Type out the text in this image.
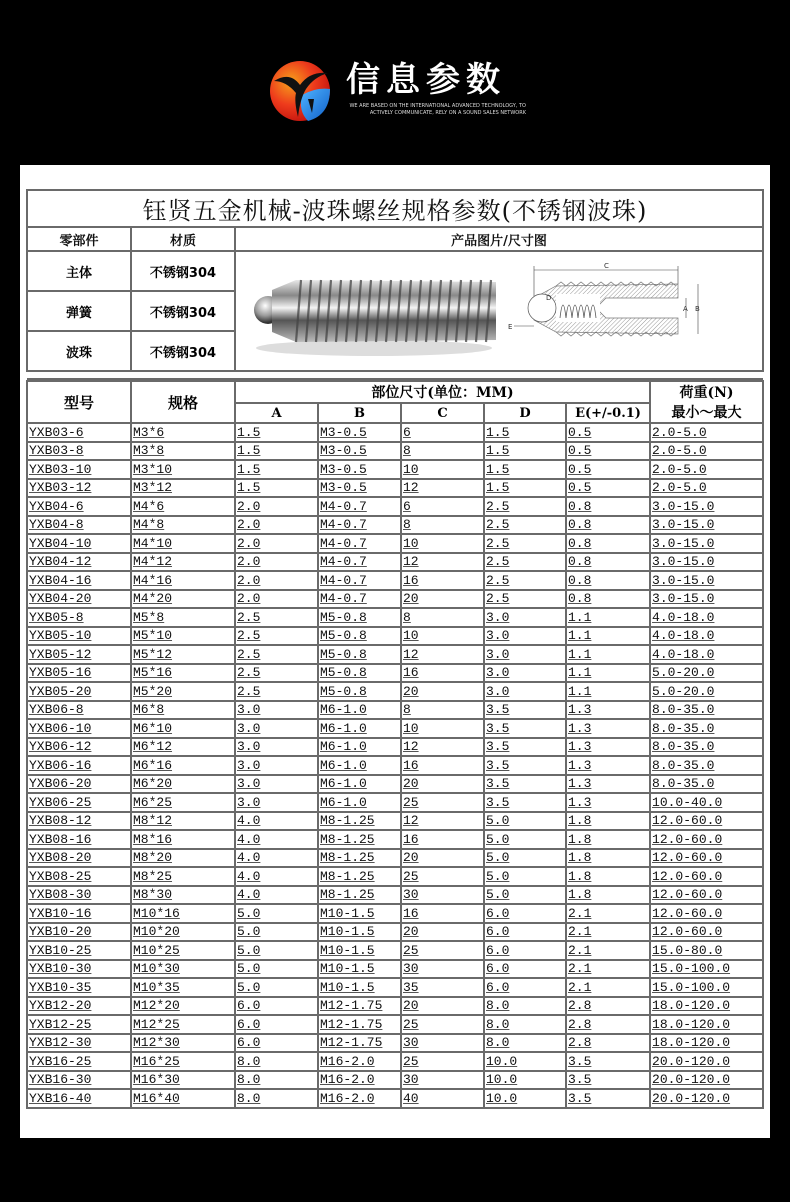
信息参数
WE ARE BASED ON THE INTERNATIONAL ADVANCED TECHNOLOGY, TO ACTIVELY COMMUNICATE, RELY ON A SOUND SALES NETWORK
钰贤五金机械-波珠螺丝规格参数(不锈钢波珠)		
零部件	材质	产品图片/尺寸图
主体	不锈钢304	C
D
A B
E

弹簧	不锈钢304	
波珠	不锈钢304	

型号	规格	部位尺寸(单位：MM)					荷重(N)
最小～最大

		A	B	C	D	E(+/-0.1)	
YXB03-6	M3*6	1.5	M3-0.5	6	1.5	0.5	2.0-5.0
YXB03-8	M3*8	1.5	M3-0.5	8	1.5	0.5	2.0-5.0
YXB03-10	M3*10	1.5	M3-0.5	10	1.5	0.5	2.0-5.0
YXB03-12	M3*12	1.5	M3-0.5	12	1.5	0.5	2.0-5.0
YXB04-6	M4*6	2.0	M4-0.7	6	2.5	0.8	3.0-15.0
YXB04-8	M4*8	2.0	M4-0.7	8	2.5	0.8	3.0-15.0
YXB04-10	M4*10	2.0	M4-0.7	10	2.5	0.8	3.0-15.0
YXB04-12	M4*12	2.0	M4-0.7	12	2.5	0.8	3.0-15.0
YXB04-16	M4*16	2.0	M4-0.7	16	2.5	0.8	3.0-15.0
YXB04-20	M4*20	2.0	M4-0.7	20	2.5	0.8	3.0-15.0
YXB05-8	M5*8	2.5	M5-0.8	8	3.0	1.1	4.0-18.0
YXB05-10	M5*10	2.5	M5-0.8	10	3.0	1.1	4.0-18.0
YXB05-12	M5*12	2.5	M5-0.8	12	3.0	1.1	4.0-18.0
YXB05-16	M5*16	2.5	M5-0.8	16	3.0	1.1	5.0-20.0
YXB05-20	M5*20	2.5	M5-0.8	20	3.0	1.1	5.0-20.0
YXB06-8	M6*8	3.0	M6-1.0	8	3.5	1.3	8.0-35.0
YXB06-10	M6*10	3.0	M6-1.0	10	3.5	1.3	8.0-35.0
YXB06-12	M6*12	3.0	M6-1.0	12	3.5	1.3	8.0-35.0
YXB06-16	M6*16	3.0	M6-1.0	16	3.5	1.3	8.0-35.0
YXB06-20	M6*20	3.0	M6-1.0	20	3.5	1.3	8.0-35.0
YXB06-25	M6*25	3.0	M6-1.0	25	3.5	1.3	10.0-40.0
YXB08-12	M8*12	4.0	M8-1.25	12	5.0	1.8	12.0-60.0
YXB08-16	M8*16	4.0	M8-1.25	16	5.0	1.8	12.0-60.0
YXB08-20	M8*20	4.0	M8-1.25	20	5.0	1.8	12.0-60.0
YXB08-25	M8*25	4.0	M8-1.25	25	5.0	1.8	12.0-60.0
YXB08-30	M8*30	4.0	M8-1.25	30	5.0	1.8	12.0-60.0
YXB10-16	M10*16	5.0	M10-1.5	16	6.0	2.1	12.0-60.0
YXB10-20	M10*20	5.0	M10-1.5	20	6.0	2.1	12.0-60.0
YXB10-25	M10*25	5.0	M10-1.5	25	6.0	2.1	15.0-80.0
YXB10-30	M10*30	5.0	M10-1.5	30	6.0	2.1	15.0-100.0
YXB10-35	M10*35	5.0	M10-1.5	35	6.0	2.1	15.0-100.0
YXB12-20	M12*20	6.0	M12-1.75	20	8.0	2.8	18.0-120.0
YXB12-25	M12*25	6.0	M12-1.75	25	8.0	2.8	18.0-120.0
YXB12-30	M12*30	6.0	M12-1.75	30	8.0	2.8	18.0-120.0
YXB16-25	M16*25	8.0	M16-2.0	25	10.0	3.5	20.0-120.0
YXB16-30	M16*30	8.0	M16-2.0	30	10.0	3.5	20.0-120.0
YXB16-40	M16*40	8.0	M16-2.0	40	10.0	3.5	20.0-120.0
